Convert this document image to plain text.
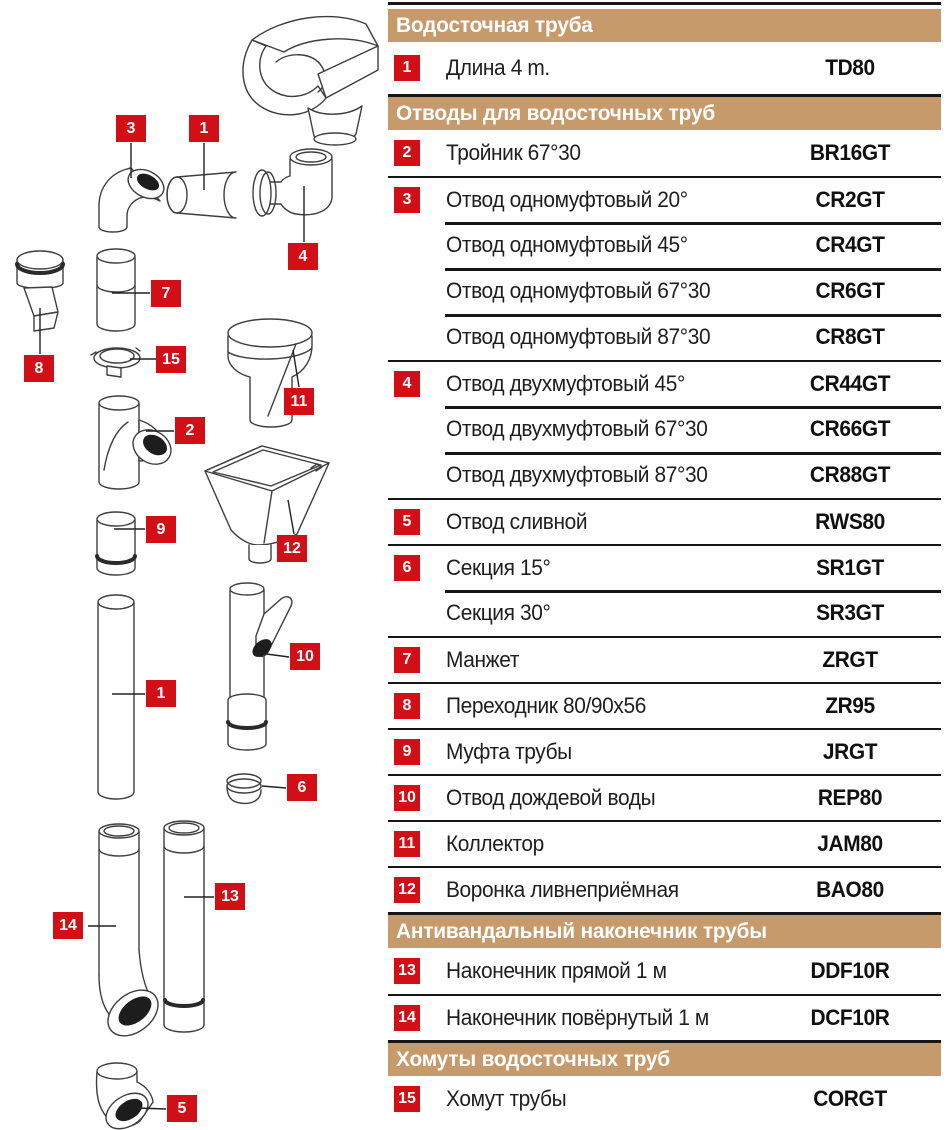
3	1
4
8
7
15
2
11
9
12
1
10
6
14
13
5
Водосточная труба
1	Длина 4 m.	TD80
Отводы для водосточных труб
2	Тройник 67°30	BR16GT
3	Отвод одномуфтовый 20°	CR2GT
Отвод одномуфтовый 45°	CR4GT
Отвод одномуфтовый 67°30	CR6GT
Отвод одномуфтовый 87°30	CR8GT
4	Отвод двухмуфтовый 45°	CR44GT
Отвод двухмуфтовый 67°30	CR66GT
Отвод двухмуфтовый 87°30	CR88GT
5	Отвод сливной	RWS80
6	Секция 15°	SR1GT
Секция 30°	SR3GT
7	Манжет	ZRGT
8	Переходник 80/90x56	ZR95
9	Муфта трубы	JRGT
10 Отвод дождевой воды	REP80
11 Коллектор	JAM80
12 Воронка ливнеприёмная	BAO80
Антивандальный наконечник трубы
13 Наконечник прямой 1 м	DDF10R
14 Наконечник повёрнутый 1 м	DCF10R
Хомуты водосточных труб
15 Хомут трубы	CORGT
